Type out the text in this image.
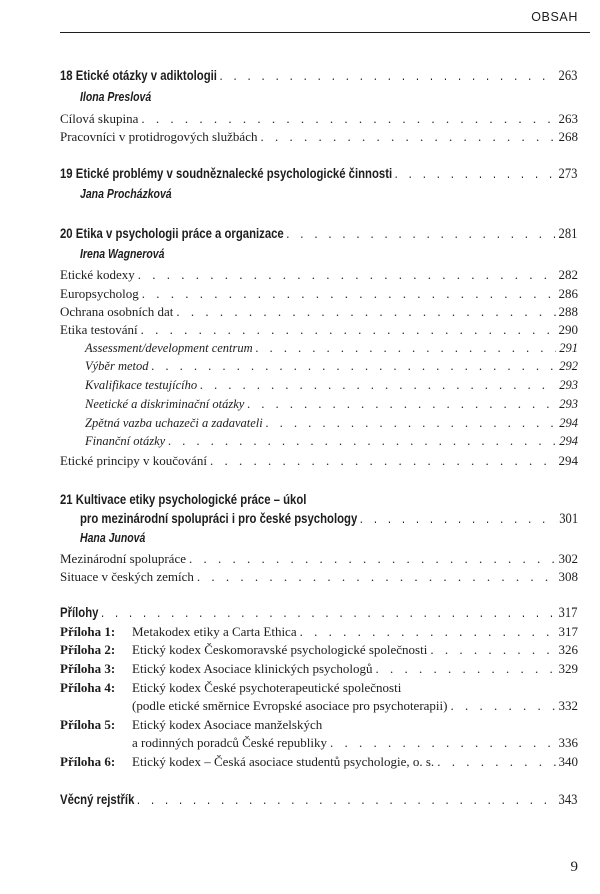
OBSAH
18 Etické otázky v adiktologii . . .	263
Ilona Preslová
Cílová skupina . . .	263
Pracovníci v protidrogových službách . . .	268
19 Etické problémy v soudněznalecké psychologické činnosti . . .	273
Jana Procházková
20 Etika v psychologii práce a organizace . . .	281
Irena Wagnerová
Etické kodexy . . .	282
Europsycholog . . .	286
Ochrana osobních dat . . .	288
Etika testování . . .	290
Assessment/development centrum . . .	291
Výběr metod . . .	292
Kvalifikace testujícího . . .	293
Neetické a diskriminační otázky . . .	293
Zpětná vazba uchazeči a zadavateli . . .	294
Finanční otázky . . .	294
Etické principy v koučování . . .	294
21 Kultivace etiky psychologické práce – úkol
pro mezinárodní spolupráci i pro české psychology . . .	301
Hana Junová
Mezinárodní spolupráce . . .	302
Situace v českých zemích . . .	308
Přílohy . . .	317
Příloha 1:	Metakodex etiky a Carta Ethica . . .	317
Příloha 2:	Etický kodex Českomoravské psychologické společnosti . . .	326
Příloha 3:	Etický kodex Asociace klinických psychologů . . .	329
Příloha 4: Etický kodex České psychoterapeutické společnosti
(podle etické směrnice Evropské asociace pro psychoterapii) . . .	332
Příloha 5: Etický kodex Asociace manželských
a rodinných poradců České republiky . . .	336
Příloha 6:	Etický kodex – Česká asociace studentů psychologie, o. s. . . .	340
Věcný rejstřík . . .	343
9
